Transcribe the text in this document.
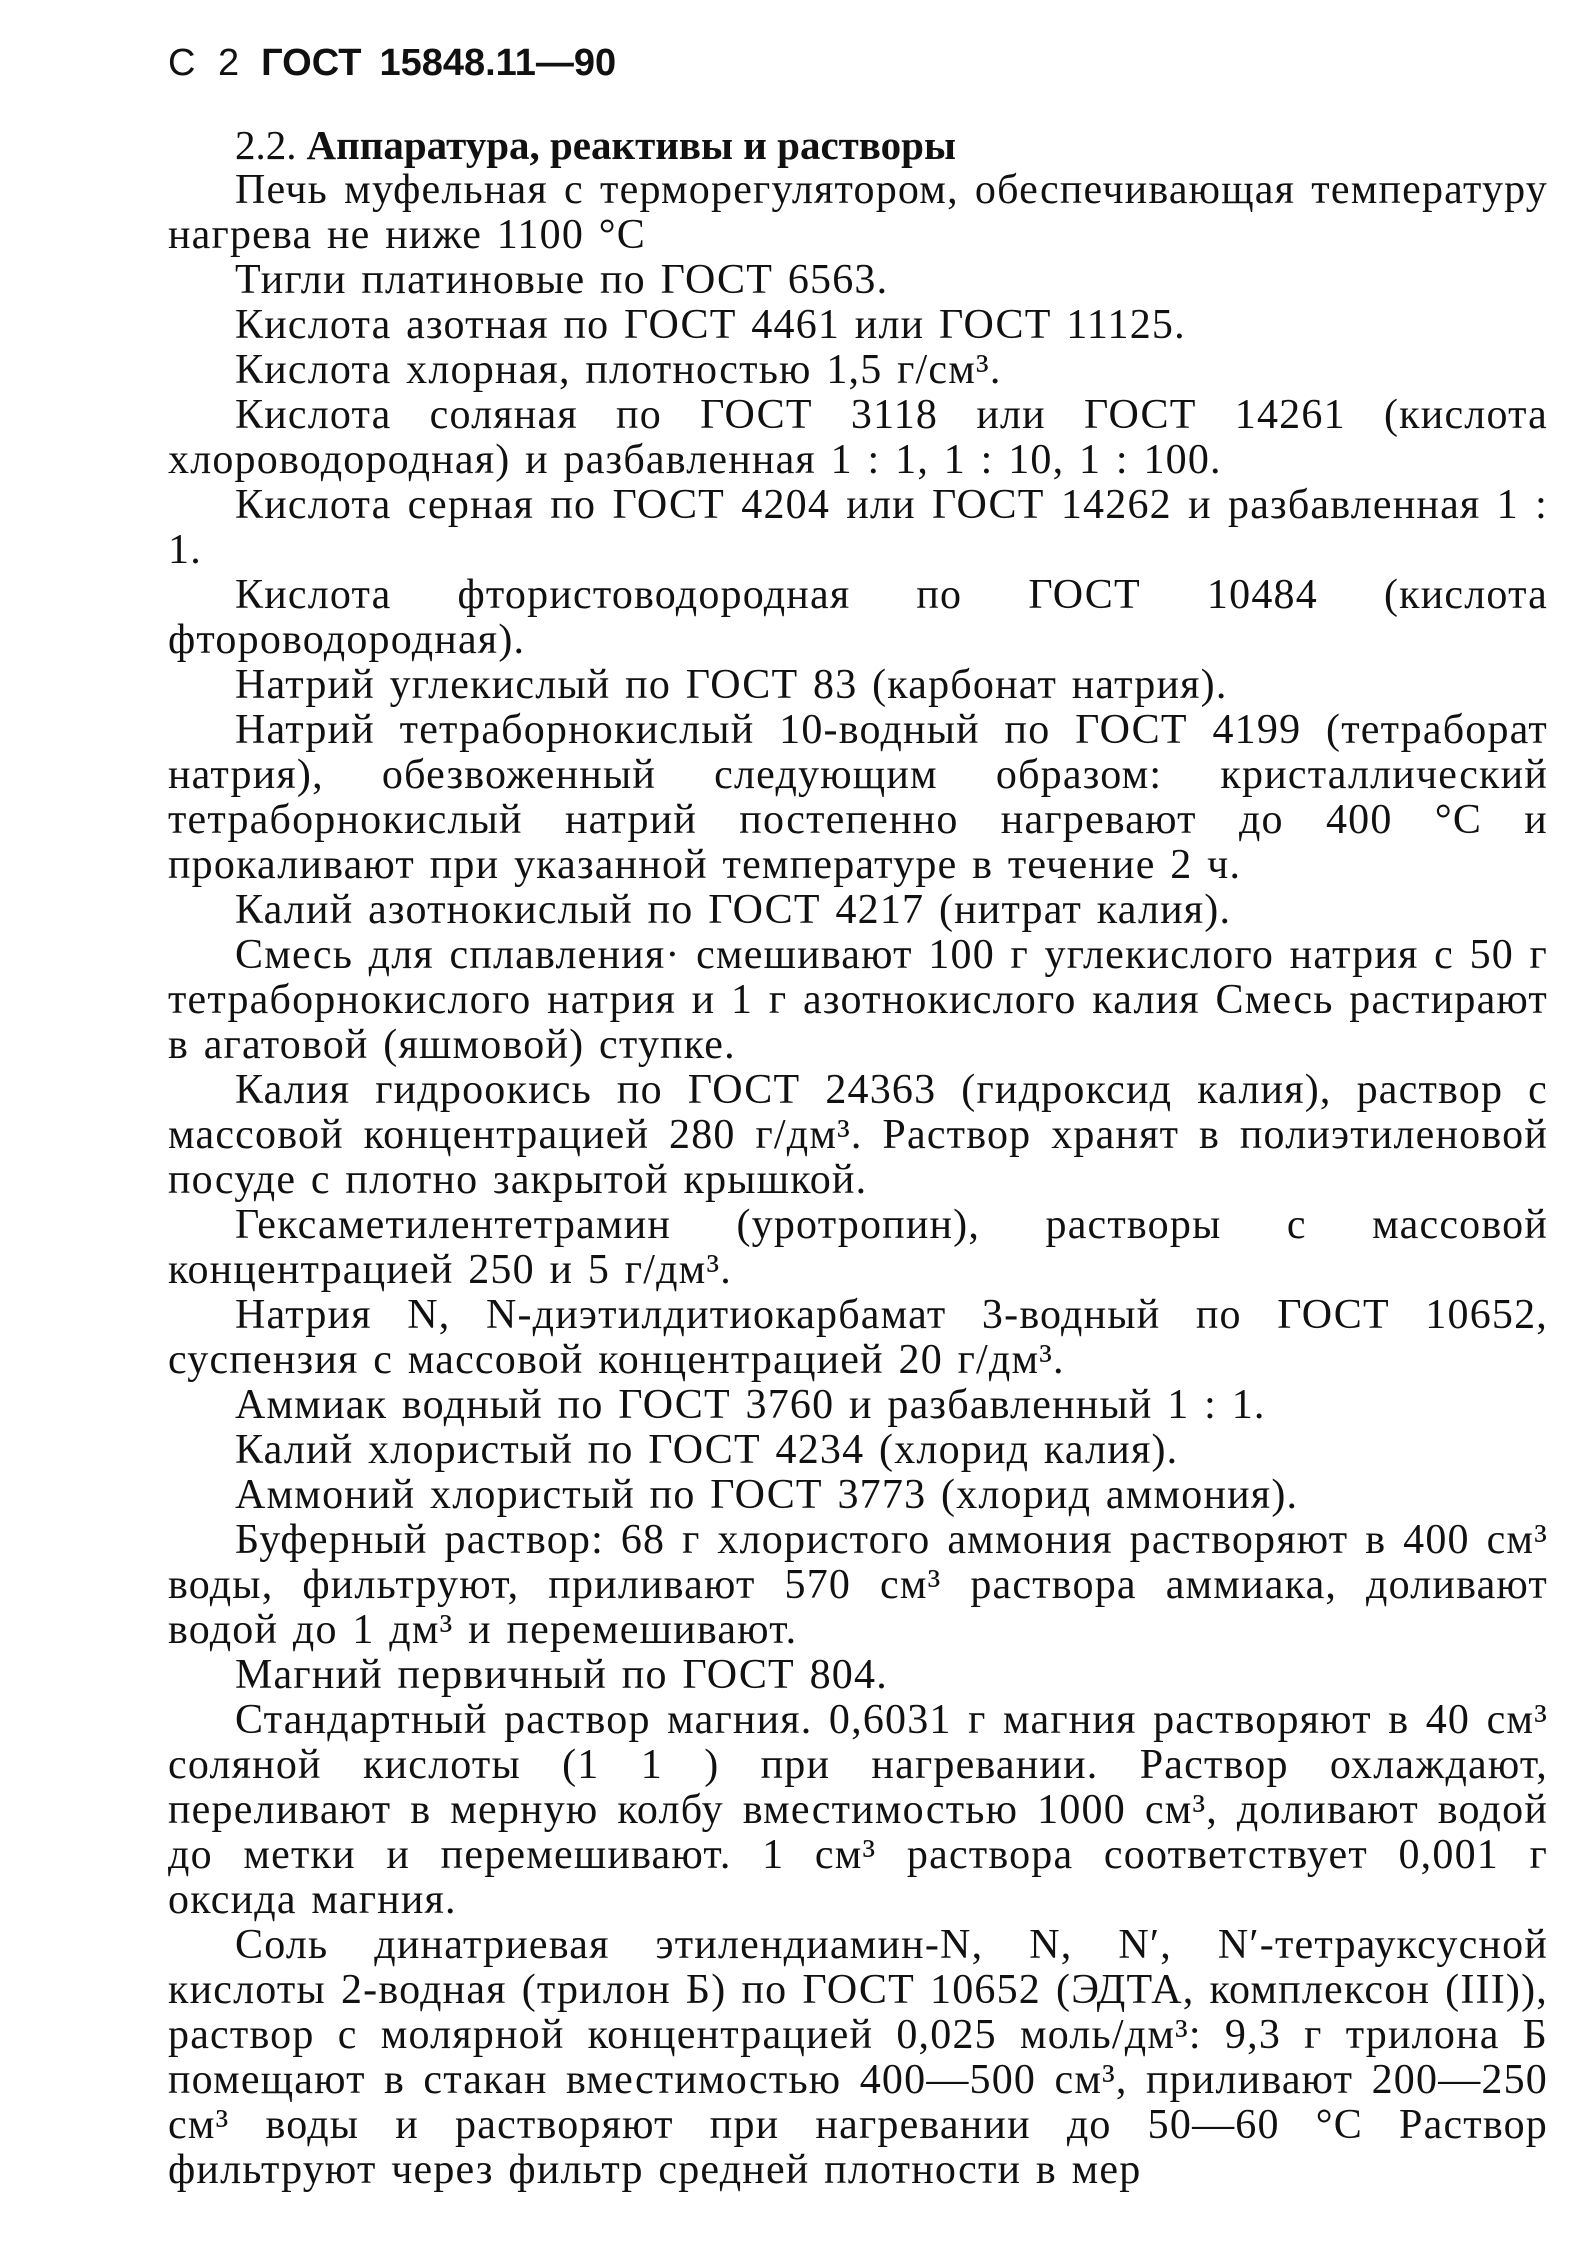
С 2 ГОСТ 15848.11—90
2.2. Аппаратура, реактивы и растворы

Печь муфельная с терморегулятором, обеспечивающая температуру нагрева не ниже 1100 °С

Тигли платиновые по ГОСТ 6563.

Кислота азотная по ГОСТ 4461 или ГОСТ 11125.

Кислота хлорная, плотностью 1,5 г/см³.

Кислота соляная по ГОСТ 3118 или ГОСТ 14261 (кислота хлороводородная) и разбавленная 1 : 1, 1 : 10, 1 : 100.

Кислота серная по ГОСТ 4204 или ГОСТ 14262 и разбавленная 1 : 1.

Кислота фтористоводородная по ГОСТ 10484 (кислота фтороводородная).

Натрий углекислый по ГОСТ 83 (карбонат натрия).

Натрий тетраборнокислый 10-водный по ГОСТ 4199 (тетраборат натрия), обезвоженный следующим образом: кристаллический тетраборнокислый натрий постепенно нагревают до 400 °С и прокаливают при указанной температуре в течение 2 ч.

Калий азотнокислый по ГОСТ 4217 (нитрат калия).

Смесь для сплавления· смешивают 100 г углекислого натрия с 50 г тетраборнокислого натрия и 1 г азотнокислого калия Смесь растирают в агатовой (яшмовой) ступке.

Калия гидроокись по ГОСТ 24363 (гидроксид калия), раствор с массовой концентрацией 280 г/дм³. Раствор хранят в полиэтиленовой посуде с плотно закрытой крышкой.

Гексаметилентетрамин (уротропин), растворы с массовой концентрацией 250 и 5 г/дм³.

Натрия N, N-диэтилдитиокарбамат 3-водный по ГОСТ 10652, суспензия с массовой концентрацией 20 г/дм³.

Аммиак водный по ГОСТ 3760 и разбавленный 1 : 1.

Калий хлористый по ГОСТ 4234 (хлорид калия).

Аммоний хлористый по ГОСТ 3773 (хлорид аммония).

Буферный раствор: 68 г хлористого аммония растворяют в 400 см³ воды, фильтруют, приливают 570 см³ раствора аммиака, доливают водой до 1 дм³ и перемешивают.

Магний первичный по ГОСТ 804.

Стандартный раствор магния. 0,6031 г магния растворяют в 40 см³ соляной кислоты (1 1 ) при нагревании. Раствор охлаждают, переливают в мерную колбу вместимостью 1000 см³, доливают водой до метки и перемешивают. 1 см³ раствора соответствует 0,001 г оксида магния.

Соль динатриевая этилендиамин-N, N, N′, N′-тетрауксусной кислоты 2-водная (трилон Б) по ГОСТ 10652 (ЭДТА, комплексон (III)), раствор с молярной концентрацией 0,025 моль/дм³: 9,3 г трилона Б помещают в стакан вместимостью 400—500 см³, приливают 200—250 см³ воды и растворяют при нагревании до 50—60 °С Раствор фильтруют через фильтр средней плотности в мер
